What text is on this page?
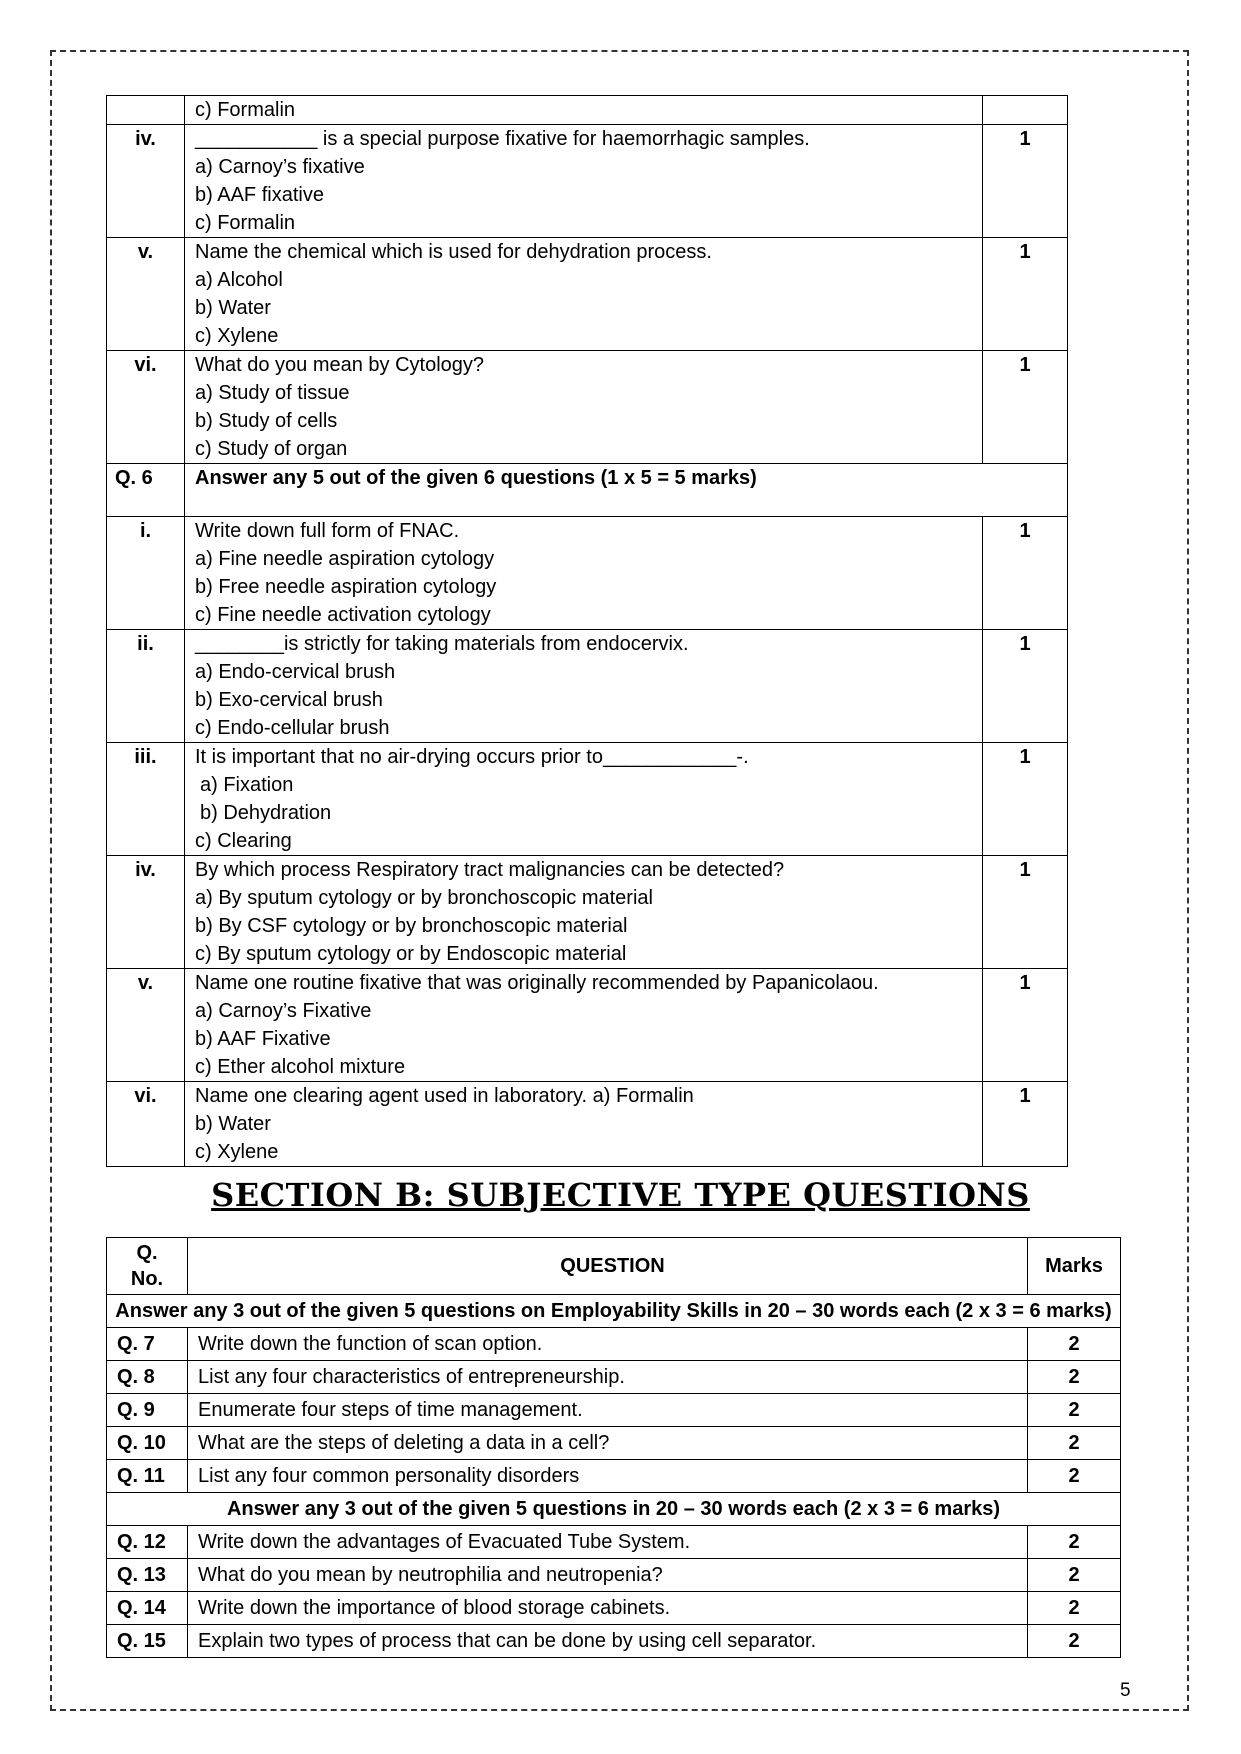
	c) Formalin	

iv.	___________ is a special purpose fixative for haemorrhagic samples.
a) Carnoy’s fixative
b) AAF fixative
c) Formalin	1
v.	Name the chemical which is used for dehydration process.
a) Alcohol
b) Water
c) Xylene	1
vi.	What do you mean by Cytology?
a) Study of tissue
b) Study of cells
c) Study of organ	1
Q. 6	Answer any 5 out of the given 6 questions (1 x 5 = 5 marks)	
i.	Write down full form of FNAC.
a) Fine needle aspiration cytology
b) Free needle aspiration cytology
c) Fine needle activation cytology	1
ii.	________is strictly for taking materials from endocervix.
a) Endo-cervical brush
b) Exo-cervical brush
c) Endo-cellular brush	1
iii.	It is important that no air-drying occurs prior to____________-.
a) Fixation
b) Dehydration
c) Clearing	1
iv.	By which process Respiratory tract malignancies can be detected?
a) By sputum cytology or by bronchoscopic material
b) By CSF cytology or by bronchoscopic material
c) By sputum cytology or by Endoscopic material	1
v.	Name one routine fixative that was originally recommended by Papanicolaou.
a) Carnoy’s Fixative
b) AAF Fixative
c) Ether alcohol mixture	1
vi.	Name one clearing agent used in laboratory. a) Formalin
b) Water
c) Xylene	1
SECTION B: SUBJECTIVE TYPE QUESTIONS
Q.
No.	QUESTION	Marks
Answer any 3 out of the given 5 questions on Employability Skills in 20 – 30 words each (2 x 3 = 6 marks)		
Q. 7	Write down the function of scan option.	2
Q. 8	List any four characteristics of entrepreneurship.	2
Q. 9	Enumerate four steps of time management.	2
Q. 10	What are the steps of deleting a data in a cell?	2
Q. 11	List any four common personality disorders	2
Answer any 3 out of the given 5 questions in 20 – 30 words each (2 x 3 = 6 marks)		
Q. 12	Write down the advantages of Evacuated Tube System.	2
Q. 13	What do you mean by neutrophilia and neutropenia?	2
Q. 14	Write down the importance of blood storage cabinets.	2
Q. 15	Explain two types of process that can be done by using cell separator.	2
5
